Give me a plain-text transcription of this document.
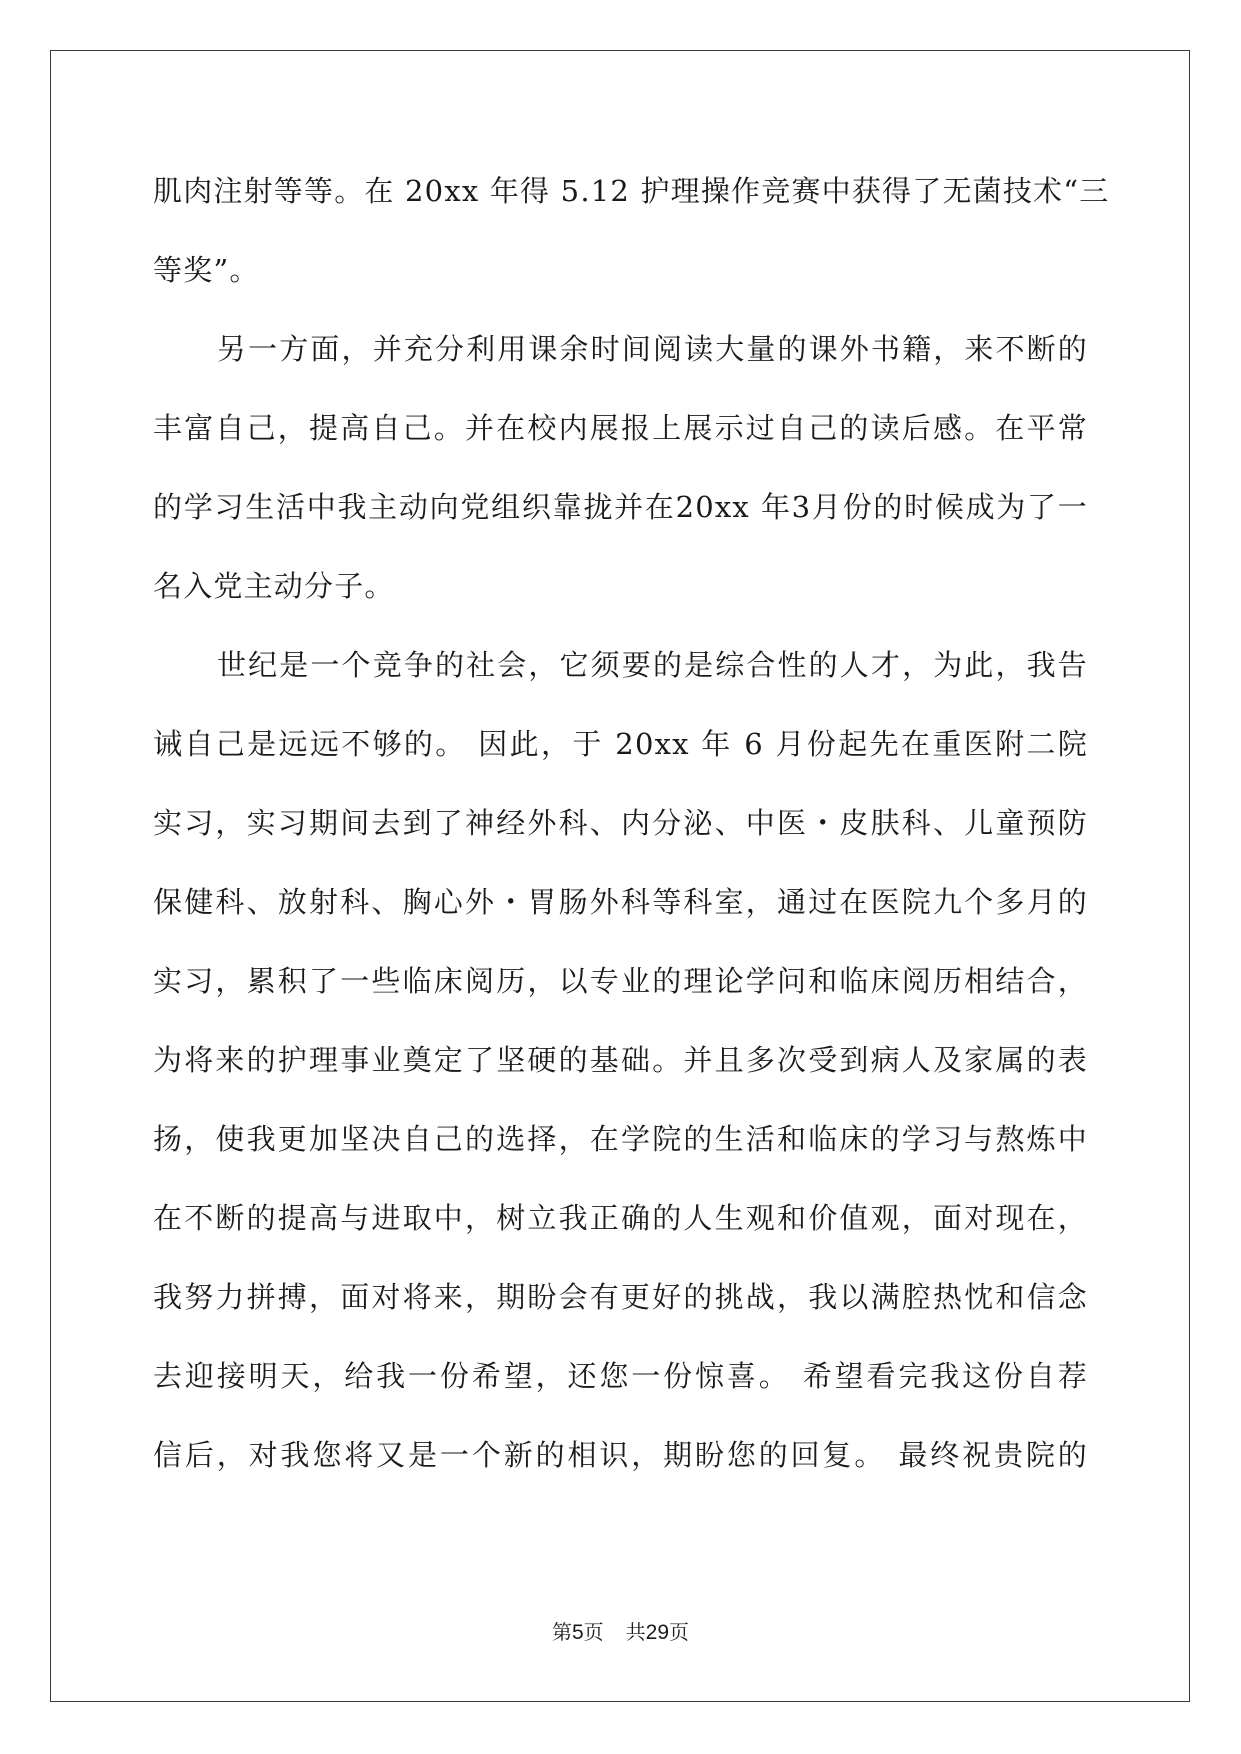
肌肉注射等等。在 20xx 年得 5.12 护理操作竞赛中获得了无菌技术“三
等奖”。
另一方面，并充分利用课余时间阅读大量的课外书籍，来不断的
丰富自己，提高自己。并在校内展报上展示过自己的读后感。在平常
的学习生活中我主动向党组织靠拢并在20xx 年3月份的时候成为了一
名入党主动分子。
世纪是一个竞争的社会，它须要的是综合性的人才，为此，我告
诫自己是远远不够的。 因此，于 20xx 年 6 月份起先在重医附二院
实习，实习期间去到了神经外科、内分泌、中医・皮肤科、儿童预防
保健科、放射科、胸心外・胃肠外科等科室，通过在医院九个多月的
实习，累积了一些临床阅历，以专业的理论学问和临床阅历相结合，
为将来的护理事业奠定了坚硬的基础。并且多次受到病人及家属的表
扬，使我更加坚决自己的选择，在学院的生活和临床的学习与熬炼中
在不断的提高与进取中，树立我正确的人生观和价值观，面对现在，
我努力拼搏，面对将来，期盼会有更好的挑战，我以满腔热忱和信念
去迎接明天，给我一份希望，还您一份惊喜。 希望看完我这份自荐
信后，对我您将又是一个新的相识，期盼您的回复。 最终祝贵院的
第5页 共29页
